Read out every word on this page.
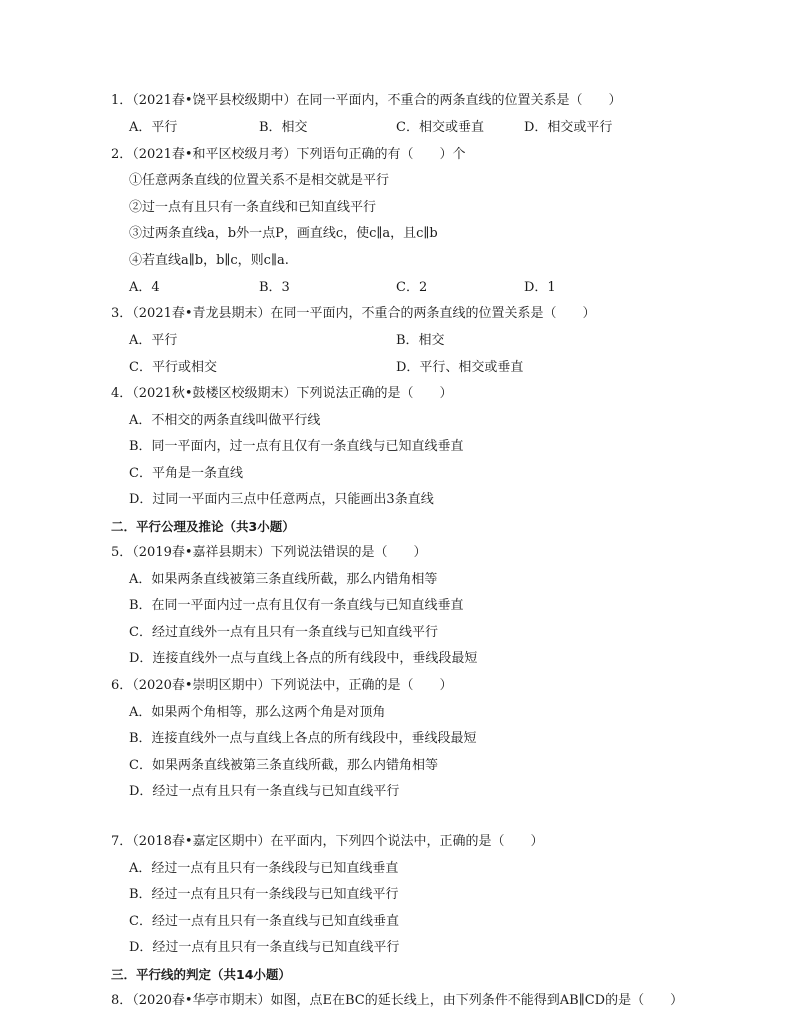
1．（2021春•饶平县校级期中）在同一平面内，不重合的两条直线的位置关系是（　　）
A．平行	B．相交	C．相交或垂直	D．相交或平行
2．（2021春•和平区校级月考）下列语句正确的有（　　）个
①任意两条直线的位置关系不是相交就是平行
②过一点有且只有一条直线和已知直线平行
③过两条直线a，b外一点P，画直线c，使c∥a，且c∥b
④若直线a∥b，b∥c，则c∥a.
A．4	B．3	C．2	D．1
3．（2021春•青龙县期末）在同一平面内，不重合的两条直线的位置关系是（　　）
A．平行	B．相交
C．平行或相交	D．平行、相交或垂直
4．（2021秋•鼓楼区校级期末）下列说法正确的是（　　）
A．不相交的两条直线叫做平行线
B．同一平面内，过一点有且仅有一条直线与已知直线垂直
C．平角是一条直线
D．过同一平面内三点中任意两点，只能画出3条直线
二．平行公理及推论（共3小题）
5．（2019春•嘉祥县期末）下列说法错误的是（　　）
A．如果两条直线被第三条直线所截，那么内错角相等
B．在同一平面内过一点有且仅有一条直线与已知直线垂直
C．经过直线外一点有且只有一条直线与已知直线平行
D．连接直线外一点与直线上各点的所有线段中，垂线段最短
6．（2020春•崇明区期中）下列说法中，正确的是（　　）
A．如果两个角相等，那么这两个角是对顶角
B．连接直线外一点与直线上各点的所有线段中，垂线段最短
C．如果两条直线被第三条直线所截，那么内错角相等
D．经过一点有且只有一条直线与已知直线平行
7．（2018春•嘉定区期中）在平面内，下列四个说法中，正确的是（　　）
A．经过一点有且只有一条线段与已知直线垂直
B．经过一点有且只有一条线段与已知直线平行
C．经过一点有且只有一条直线与已知直线垂直
D．经过一点有且只有一条直线与已知直线平行
三．平行线的判定（共14小题）
8．（2020春•华亭市期末）如图，点E在BC的延长线上，由下列条件不能得到AB∥CD的是（　　）
